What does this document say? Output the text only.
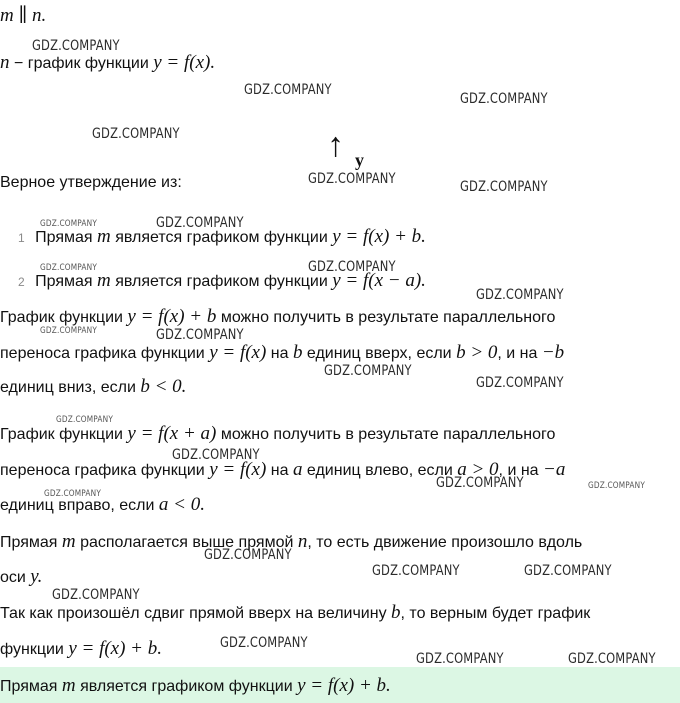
m ∥ n.
n − график функции y = f(x).
↑ y
Верное утверждение из:
1 Прямая m является графиком функции y = f(x) + b.
2 Прямая m является графиком функции y = f(x − a).
График функции y = f(x) + b можно получить в результате параллельного
переноса графика функции y = f(x) на b единиц вверх, если b > 0, и на −b
единиц вниз, если b < 0.
График функции y = f(x + a) можно получить в результате параллельного
переноса графика функции y = f(x) на a единиц влево, если a > 0, и на −a
единиц вправо, если a < 0.
Прямая m располагается выше прямой n, то есть движение произошло вдоль
оси y.
Так как произошёл сдвиг прямой вверх на величину b, то верным будет график
функции y = f(x) + b.
Прямая m является графиком функции y = f(x) + b.
GDZ.COMPANY
GDZ.COMPANY
GDZ.COMPANY
GDZ.COMPANY
GDZ.COMPANY	GDZ.COMPANY
GDZ.COMPANY	GDZ.COMPANY
GDZ.COMPANY	GDZ.COMPANY
GDZ.COMPANY
GDZ.COMPANY	GDZ.COMPANY
GDZ.COMPANY
GDZ.COMPANY
GDZ.COMPANY
GDZ.COMPANY
GDZ.COMPANY	GDZ.COMPANY
GDZ.COMPANY
GDZ.COMPANY
GDZ.COMPANY	GDZ.COMPANY
GDZ.COMPANY
GDZ.COMPANY
GDZ.COMPANY	GDZ.COMPANY
